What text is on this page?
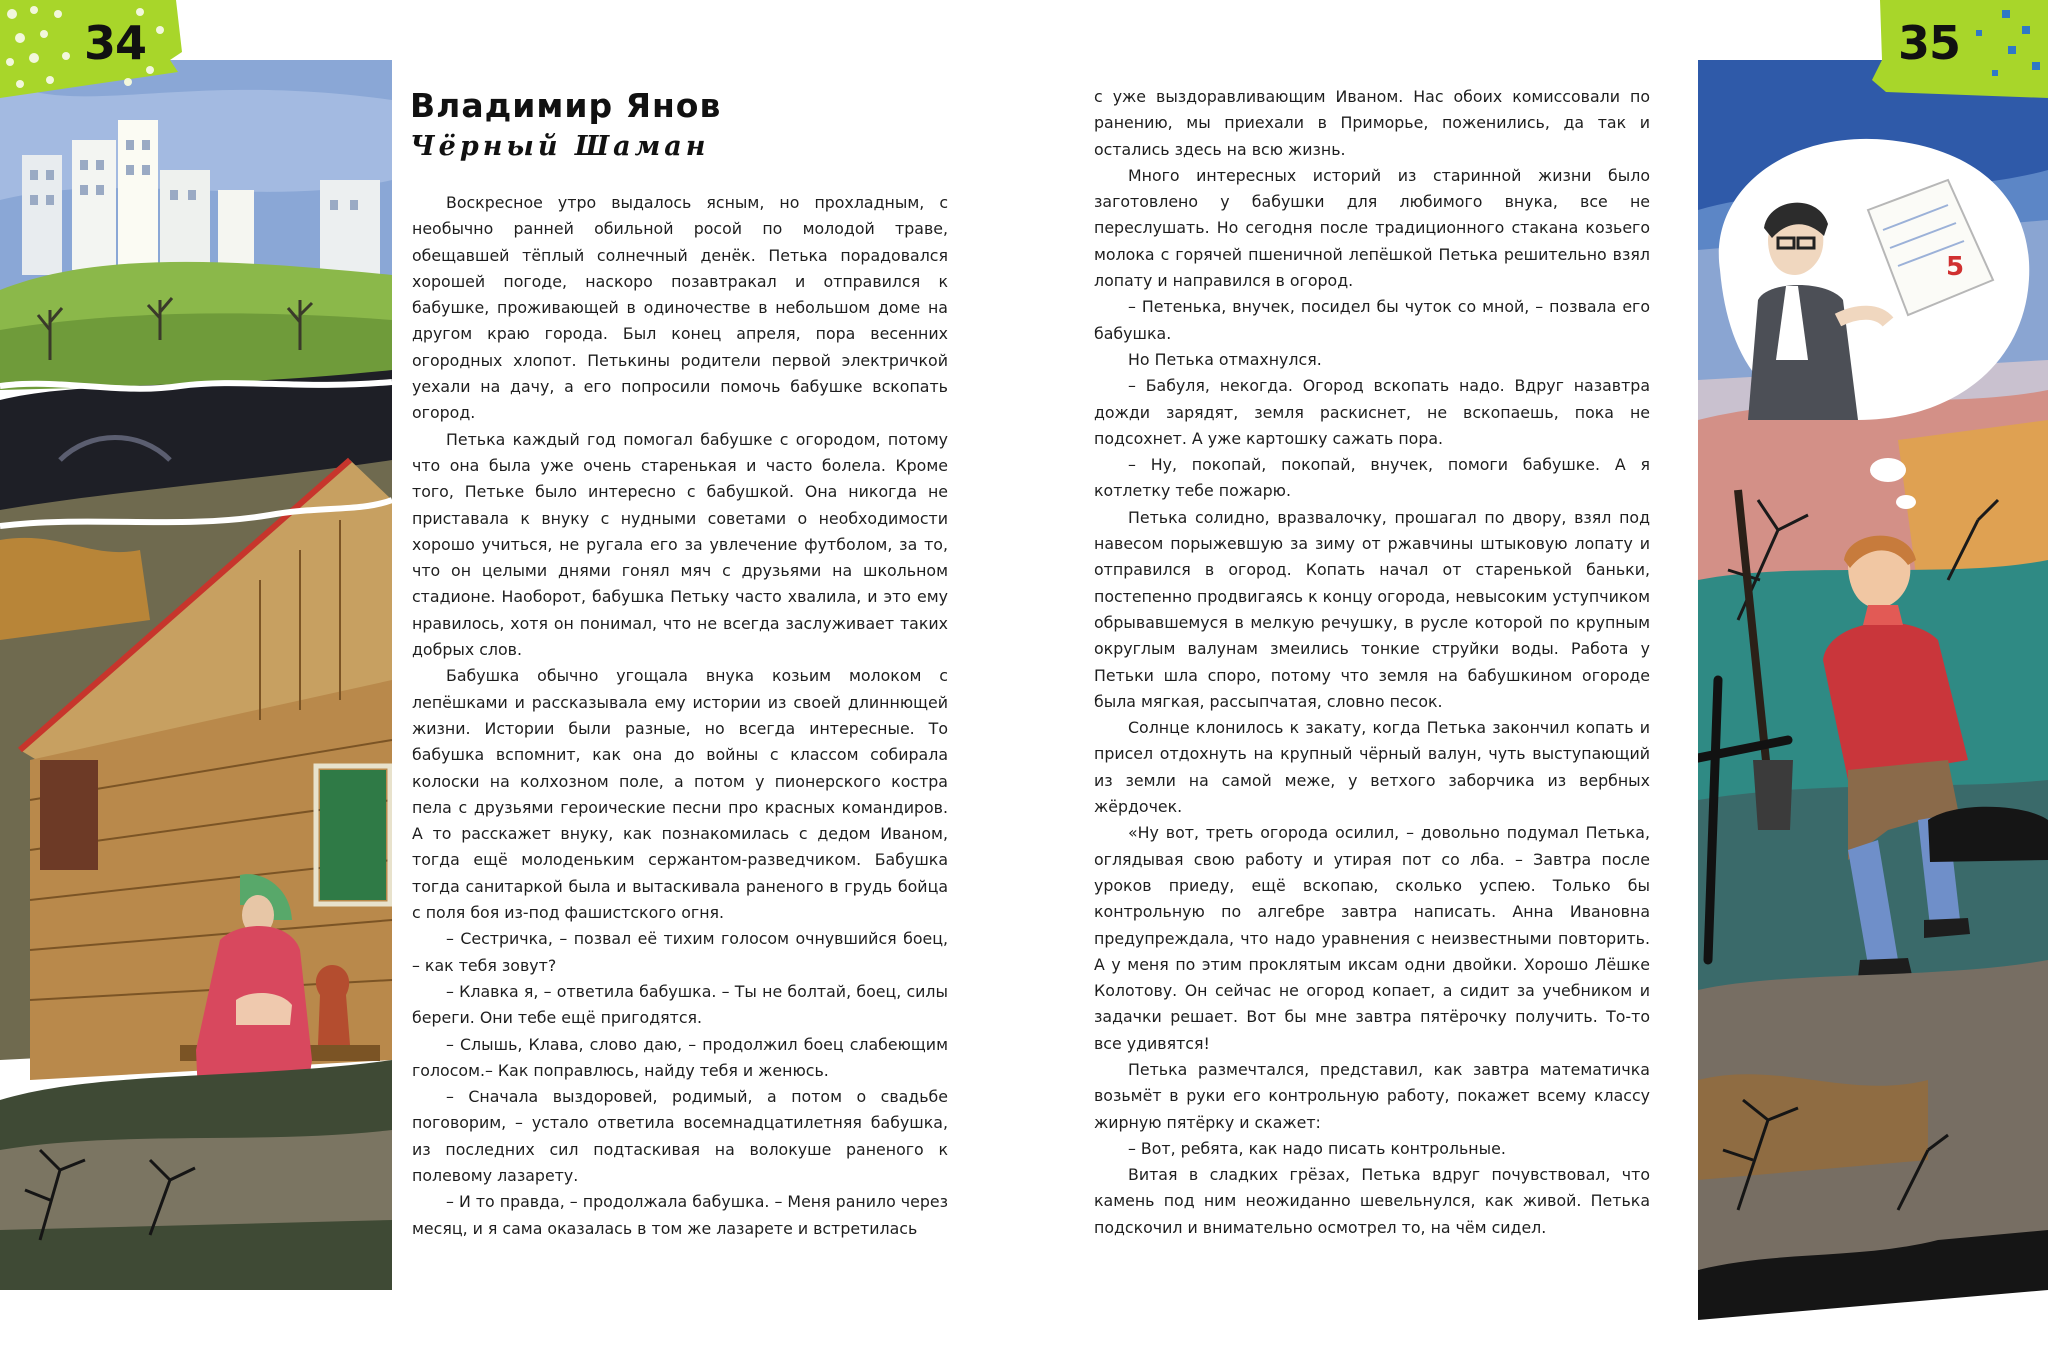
34
Владимир Янов
Чёрный Шаман

Воскресное утро выдалось ясным, но прохладным, с необычно ранней обильной росой по молодой траве, обещавшей тёплый солнечный денёк. Петька порадовался хорошей погоде, наскоро позавтракал и отправился к бабушке, проживающей в одиночестве в небольшом доме на другом краю города. Был конец апреля, пора весенних огородных хлопот. Петькины родители первой электричкой уехали на дачу, а его попросили помочь бабушке вскопать огород.

Петька каждый год помогал бабушке с огородом, потому что она была уже очень старенькая и часто болела. Кроме того, Петьке было интересно с бабушкой. Она никогда не приставала к внуку с нудными советами о необходимости хорошо учиться, не ругала его за увлечение футболом, за то, что он целыми днями гонял мяч с друзьями на школьном стадионе. Наоборот, бабушка Петьку часто хвалила, и это ему нравилось, хотя он понимал, что не всегда заслуживает таких добрых слов.

Бабушка обычно угощала внука козьим молоком с лепёшками и рассказывала ему истории из своей длиннющей жизни. Истории были разные, но всегда интересные. То бабушка вспомнит, как она до войны с классом собирала колоски на колхозном поле, а потом у пионерского костра пела с друзьями героические песни про красных командиров. А то расскажет внуку, как познакомилась с дедом Иваном, тогда ещё молоденьким сержантом-разведчиком. Бабушка тогда санитаркой была и вытаскивала раненого в грудь бойца с поля боя из-под фашистского огня.

– Сестричка, – позвал её тихим голосом очнувшийся боец, – как тебя зовут?

– Клавка я, – ответила бабушка. – Ты не болтай, боец, силы береги. Они тебе ещё пригодятся.

– Слышь, Клава, слово даю, – продолжил боец слабеющим голосом.– Как поправлюсь, найду тебя и женюсь.

– Сначала выздоровей, родимый, а потом о свадьбе поговорим, – устало ответила восемнадцатилетняя бабушка, из последних сил подтаскивая на волокуше раненого к полевому лазарету.

– И то правда, – продолжала бабушка. – Меня ранило через месяц, и я сама оказалась в том же лазарете и встретилась

с уже выздоравливающим Иваном. Нас обоих комиссовали по ранению, мы приехали в Приморье, поженились, да так и остались здесь на всю жизнь.

Много интересных историй из старинной жизни было заготовлено у бабушки для любимого внука, все не переслушать. Но сегодня после традиционного стакана козьего молока с горячей пшеничной лепёшкой Петька решительно взял лопату и направился в огород.

– Петенька, внучек, посидел бы чуток со мной, – позвала его бабушка.

Но Петька отмахнулся.

– Бабуля, некогда. Огород вскопать надо. Вдруг назавтра дожди зарядят, земля раскиснет, не вскопаешь, пока не подсохнет. А уже картошку сажать пора.

– Ну, покопай, покопай, внучек, помоги бабушке. А я котлетку тебе пожарю.

Петька солидно, вразвалочку, прошагал по двору, взял под навесом порыжевшую за зиму от ржавчины штыковую лопату и отправился в огород. Копать начал от старенькой баньки, постепенно продвигаясь к концу огорода, невысоким уступчиком обрывавшемуся в мелкую речушку, в русле которой по крупным округлым валунам змеились тонкие струйки воды. Работа у Петьки шла споро, потому что земля на бабушкином огороде была мягкая, рассыпчатая, словно песок.

Солнце клонилось к закату, когда Петька закончил копать и присел отдохнуть на крупный чёрный валун, чуть выступающий из земли на самой меже, у ветхого заборчика из вербных жёрдочек.

«Ну вот, треть огорода осилил, – довольно подумал Петька, оглядывая свою работу и утирая пот со лба. – Завтра после уроков приеду, ещё вскопаю, сколько успею. Только бы контрольную по алгебре завтра написать. Анна Ивановна предупреждала, что надо уравнения с неизвестными повторить. А у меня по этим проклятым иксам одни двойки. Хорошо Лёшке Колотову. Он сейчас не огород копает, а сидит за учебником и задачки решает. Вот бы мне завтра пятёрочку получить. То-то все удивятся!

Петька размечтался, представил, как завтра математичка возьмёт в руки его контрольную работу, покажет всему классу жирную пятёрку и скажет:

– Вот, ребята, как надо писать контрольные.

Витая в сладких грёзах, Петька вдруг почувствовал, что камень под ним неожиданно шевельнулся, как живой. Петька подскочил и внимательно осмотрел то, на чём сидел.

5
35
